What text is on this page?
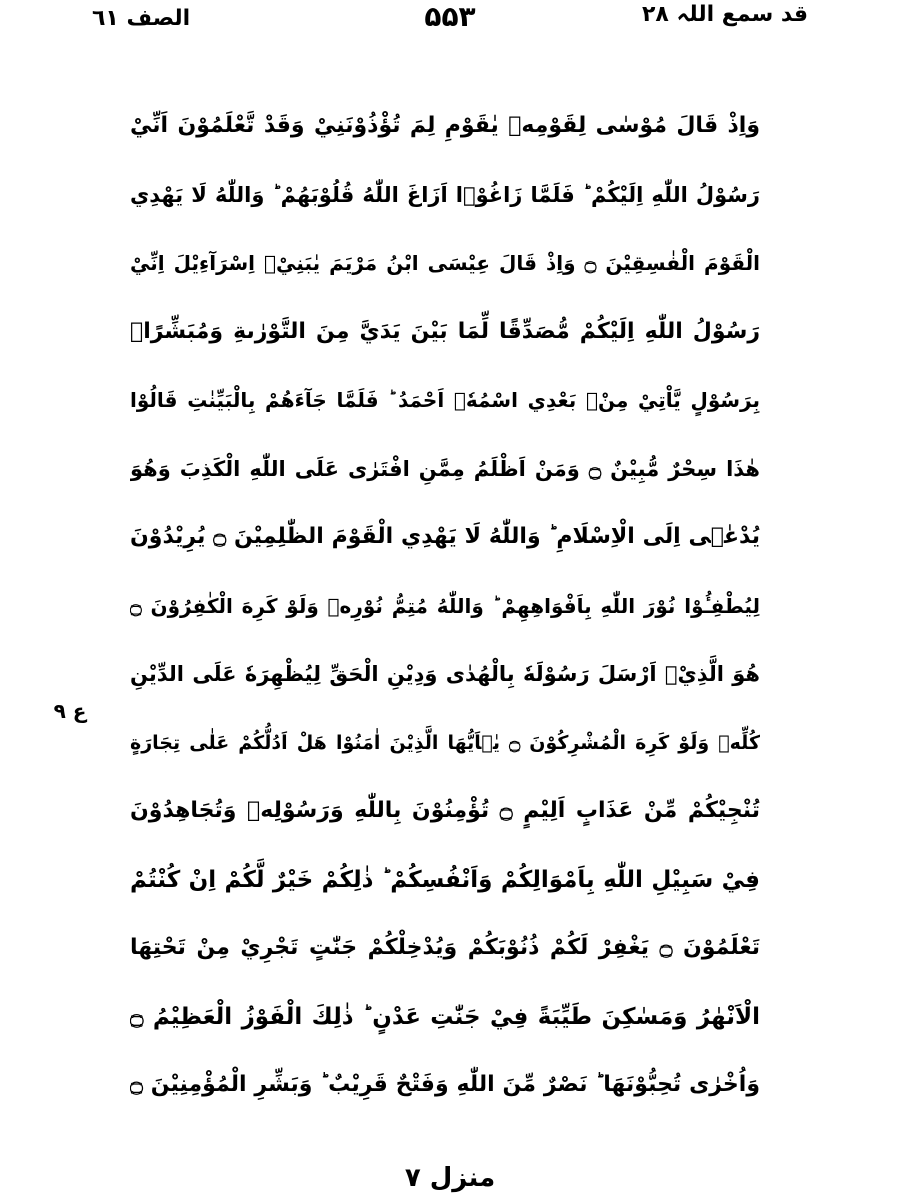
الصف ٦١	۵۵۳	قد سمع اللہ ۲۸
ع ۹
وَاِذْ قَالَ مُوْسٰى لِقَوْمِهٖ يٰقَوْمِ لِمَ تُؤْذُوْنَنِيْ وَقَدْ تَّعْلَمُوْنَ اَنِّيْ
رَسُوْلُ اللّٰهِ اِلَيْكُمْ ؕ فَلَمَّا زَاغُوْۤا اَزَاغَ اللّٰهُ قُلُوْبَهُمْ ؕ وَاللّٰهُ لَا يَهْدِي
الْقَوْمَ الْفٰسِقِيْنَ ۝ وَاِذْ قَالَ عِيْسَى ابْنُ مَرْيَمَ يٰبَنِيْۤ اِسْرَآءِيْلَ اِنِّيْ
رَسُوْلُ اللّٰهِ اِلَيْكُمْ مُّصَدِّقًا لِّمَا بَيْنَ يَدَيَّ مِنَ التَّوْرٰىةِ وَمُبَشِّرًاۢ
بِرَسُوْلٍ يَّاْتِيْ مِنْۢ بَعْدِي اسْمُهٗۤ اَحْمَدُ ؕ فَلَمَّا جَآءَهُمْ بِالْبَيِّنٰتِ قَالُوْا
هٰذَا سِحْرٌ مُّبِيْنٌ ۝ وَمَنْ اَظْلَمُ مِمَّنِ افْتَرٰى عَلَى اللّٰهِ الْكَذِبَ وَهُوَ
يُدْعٰۤى اِلَى الْاِسْلَامِ ؕ وَاللّٰهُ لَا يَهْدِي الْقَوْمَ الظّٰلِمِيْنَ ۝ يُرِيْدُوْنَ
لِيُطْفِـُٔوْا نُوْرَ اللّٰهِ بِاَفْوَاهِهِمْ ؕ وَاللّٰهُ مُتِمُّ نُوْرِهٖ وَلَوْ كَرِهَ الْكٰفِرُوْنَ ۝
هُوَ الَّذِيْۤ اَرْسَلَ رَسُوْلَهٗ بِالْهُدٰى وَدِيْنِ الْحَقِّ لِيُظْهِرَهٗ عَلَى الدِّيْنِ
كُلِّهٖ وَلَوْ كَرِهَ الْمُشْرِكُوْنَ ۝ يٰۤاَيُّهَا الَّذِيْنَ اٰمَنُوْا هَلْ اَدُلُّكُمْ عَلٰى تِجَارَةٍ
تُنْجِيْكُمْ مِّنْ عَذَابٍ اَلِيْمٍ ۝ تُؤْمِنُوْنَ بِاللّٰهِ وَرَسُوْلِهٖ وَتُجَاهِدُوْنَ
فِيْ سَبِيْلِ اللّٰهِ بِاَمْوَالِكُمْ وَاَنْفُسِكُمْ ؕ ذٰلِكُمْ خَيْرٌ لَّكُمْ اِنْ كُنْتُمْ
تَعْلَمُوْنَ ۝ يَغْفِرْ لَكُمْ ذُنُوْبَكُمْ وَيُدْخِلْكُمْ جَنّٰتٍ تَجْرِيْ مِنْ تَحْتِهَا
الْاَنْهٰرُ وَمَسٰكِنَ طَيِّبَةً فِيْ جَنّٰتِ عَدْنٍ ؕ ذٰلِكَ الْفَوْزُ الْعَظِيْمُ ۝
وَاُخْرٰى تُحِبُّوْنَهَا ؕ نَصْرٌ مِّنَ اللّٰهِ وَفَتْحٌ قَرِيْبٌ ؕ وَبَشِّرِ الْمُؤْمِنِيْنَ ۝
منزل ۷
